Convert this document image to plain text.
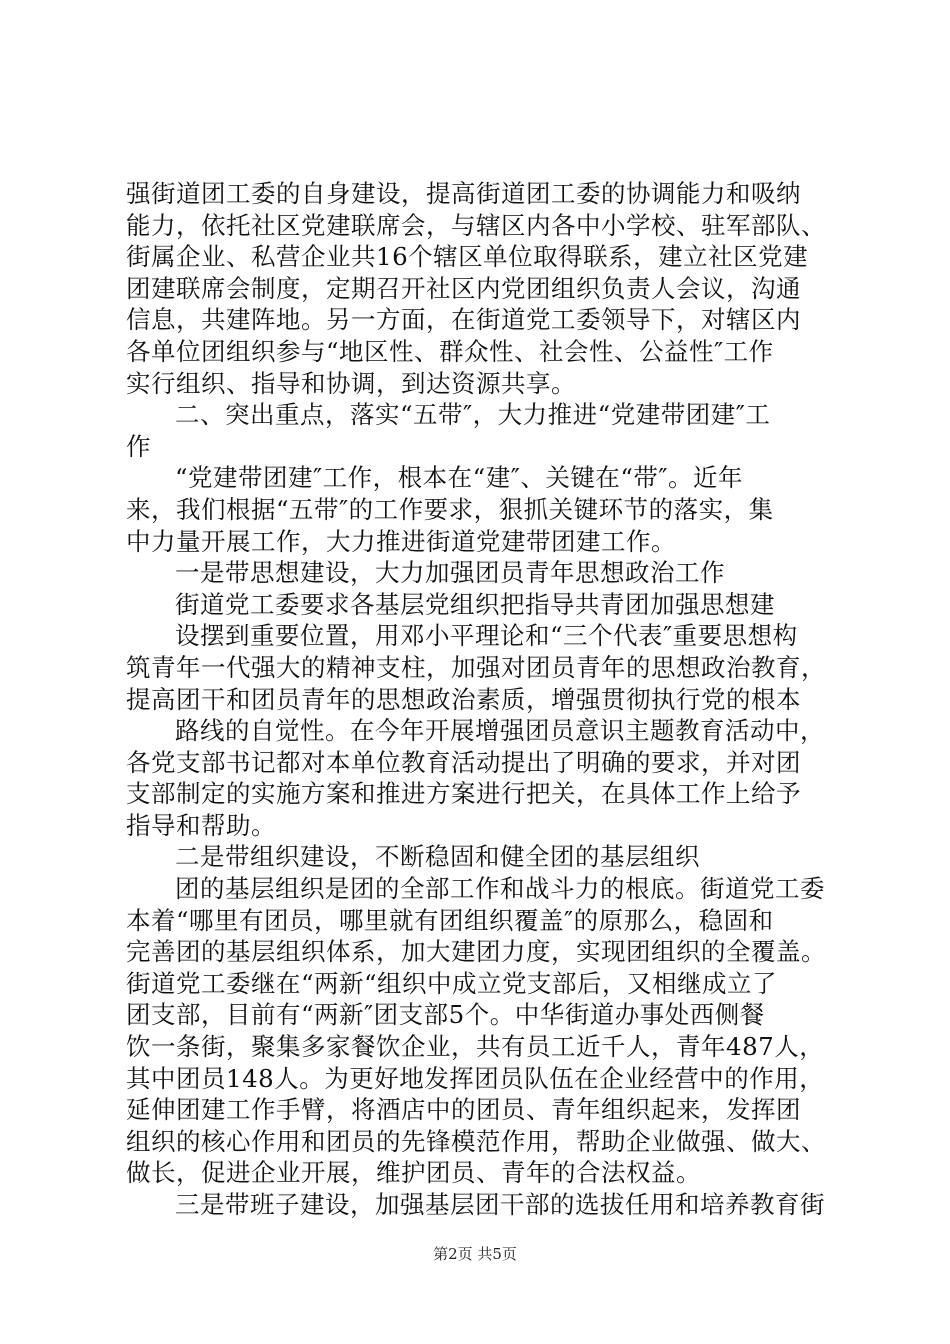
强街道团工委的自身建设，提高街道团工委的协调能力和吸纳
能力，依托社区党建联席会，与辖区内各中小学校、驻军部队、
街属企业、私营企业共16个辖区单位取得联系，建立社区党建
团建联席会制度，定期召开社区内党团组织负责人会议，沟通
信息，共建阵地。另一方面，在街道党工委领导下，对辖区内
各单位团组织参与“地区性、群众性、社会性、公益性″工作
实行组织、指导和协调，到达资源共享。
二、突出重点，落实“五带″，大力推进“党建带团建″工
作
“党建带团建″工作，根本在“建″、关键在“带″。近年
来，我们根据“五带″的工作要求，狠抓关键环节的落实，集
中力量开展工作，大力推进街道党建带团建工作。
一是带思想建设，大力加强团员青年思想政治工作
街道党工委要求各基层党组织把指导共青团加强思想建
设摆到重要位置，用邓小平理论和“三个代表″重要思想构
筑青年一代强大的精神支柱，加强对团员青年的思想政治教育，
提高团干和团员青年的思想政治素质，增强贯彻执行党的根本
路线的自觉性。在今年开展增强团员意识主题教育活动中，
各党支部书记都对本单位教育活动提出了明确的要求，并对团
支部制定的实施方案和推进方案进行把关，在具体工作上给予
指导和帮助。
二是带组织建设，不断稳固和健全团的基层组织
团的基层组织是团的全部工作和战斗力的根底。街道党工委
本着“哪里有团员，哪里就有团组织覆盖″的原那么，稳固和
完善团的基层组织体系，加大建团力度，实现团组织的全覆盖。
街道党工委继在“两新“组织中成立党支部后，又相继成立了
团支部，目前有“两新″团支部5个。中华街道办事处西侧餐
饮一条街，聚集多家餐饮企业，共有员工近千人，青年487人，
其中团员148人。为更好地发挥团员队伍在企业经营中的作用，
延伸团建工作手臂，将酒店中的团员、青年组织起来，发挥团
组织的核心作用和团员的先锋模范作用，帮助企业做强、做大、
做长，促进企业开展，维护团员、青年的合法权益。
三是带班子建设，加强基层团干部的选拔任用和培养教育街
第2页 共5页
